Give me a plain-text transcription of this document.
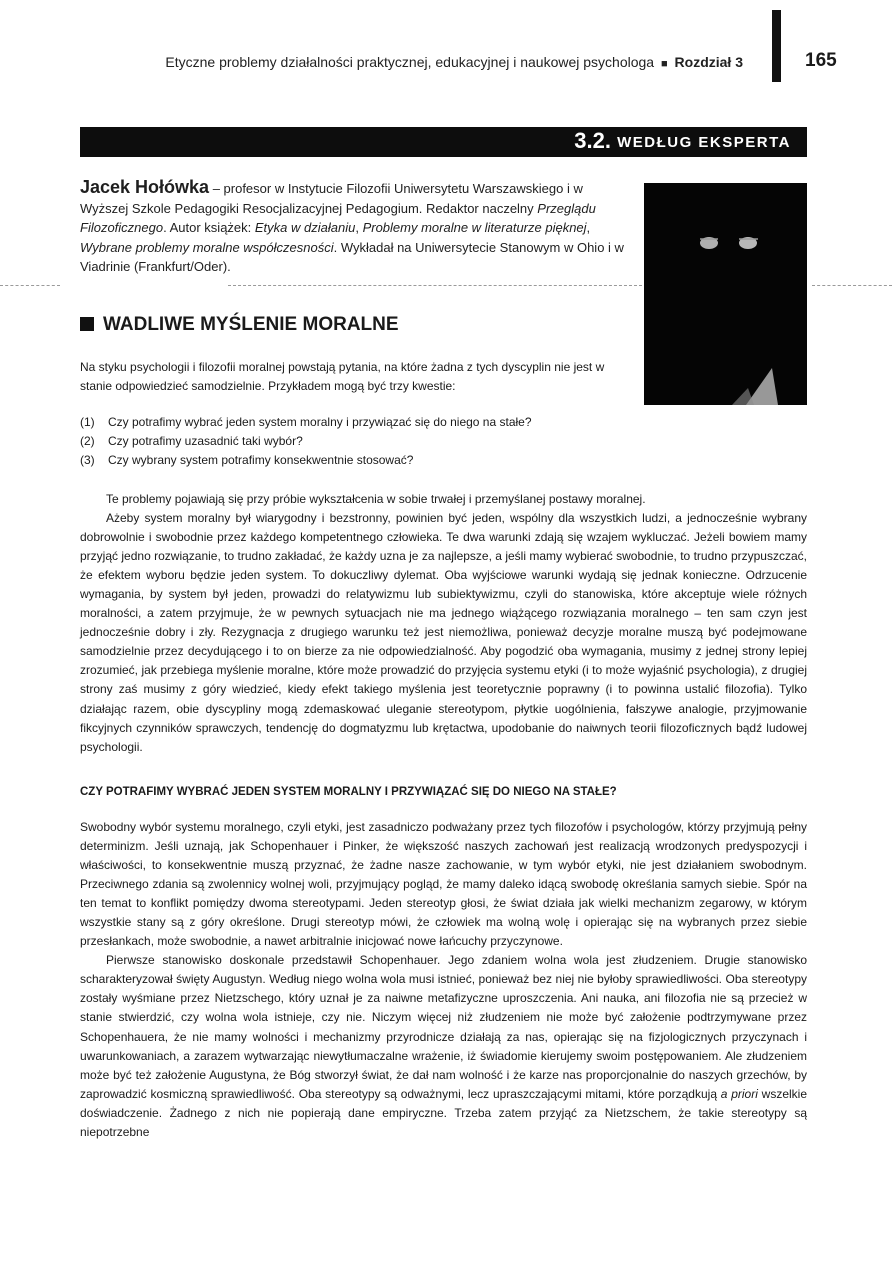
Etyczne problemy działalności praktycznej, edukacyjnej i naukowej psychologa ■ Rozdział 3	165
3.2. WEDŁUG EKSPERTA
Jacek Hołówka – profesor w Instytucie Filozofii Uniwersytetu Warszawskiego i w Wyższej Szkole Pedagogiki Resocjalizacyjnej Pedagogium. Redaktor naczelny Przeglądu Filozoficznego. Autor książek: Etyka w działaniu, Problemy moralne w literaturze pięknej, Wybrane problemy moralne współczesności. Wykładał na Uniwersytecie Stanowym w Ohio i w Viadrinie (Frankfurt/Oder).
WADLIWE MYŚLENIE MORALNE
Na styku psychologii i filozofii moralnej powstają pytania, na które żadna z tych dyscyplin nie jest w stanie odpowiedzieć samodzielnie. Przykładem mogą być trzy kwestie:
(1) Czy potrafimy wybrać jeden system moralny i przywiązać się do niego na stałe?
(2) Czy potrafimy uzasadnić taki wybór?
(3) Czy wybrany system potrafimy konsekwentnie stosować?
Te problemy pojawiają się przy próbie wykształcenia w sobie trwałej i przemyślanej postawy moralnej.
Ażeby system moralny był wiarygodny i bezstronny, powinien być jeden, wspólny dla wszystkich ludzi, a jednocześnie wybrany dobrowolnie i swobodnie przez każdego kompetentnego człowieka. Te dwa warunki zdają się wzajem wykluczać. Jeżeli bowiem mamy przyjąć jedno rozwiązanie, to trudno zakładać, że każdy uzna je za najlepsze, a jeśli mamy wybierać swobodnie, to trudno przypuszczać, że efektem wyboru będzie jeden system. To dokuczliwy dylemat. Oba wyjściowe warunki wydają się jednak konieczne. Odrzucenie wymagania, by system był jeden, prowadzi do relatywizmu lub subiektywizmu, czyli do stanowiska, które akceptuje wiele różnych moralności, a zatem przyjmuje, że w pewnych sytuacjach nie ma jednego wiążącego rozwiązania moralnego – ten sam czyn jest jednocześnie dobry i zły. Rezygnacja z drugiego warunku też jest niemożliwa, ponieważ decyzje moralne muszą być podejmowane samodzielnie przez decydującego i to on bierze za nie odpowiedzialność. Aby pogodzić oba wymagania, musimy z jednej strony lepiej zrozumieć, jak przebiega myślenie moralne, które może prowadzić do przyjęcia systemu etyki (i to może wyjaśnić psychologia), z drugiej strony zaś musimy z góry wiedzieć, kiedy efekt takiego myślenia jest teoretycznie poprawny (i to powinna ustalić filozofia). Tylko działając razem, obie dyscypliny mogą zdemaskować uleganie stereotypom, płytkie uogólnienia, fałszywe analogie, przyjmowanie fikcyjnych czynników sprawczych, tendencję do dogmatyzmu lub krętactwa, upodobanie do naiwnych teorii filozoficznych bądź ludowej psychologii.
CZY POTRAFIMY WYBRAĆ JEDEN SYSTEM MORALNY I PRZYWIĄZAĆ SIĘ DO NIEGO NA STAŁE?
Swobodny wybór systemu moralnego, czyli etyki, jest zasadniczo podważany przez tych filozofów i psychologów, którzy przyjmują pełny determinizm. Jeśli uznają, jak Schopenhauer i Pinker, że większość naszych zachowań jest realizacją wrodzonych predyspozycji i właściwości, to konsekwentnie muszą przyznać, że żadne nasze zachowanie, w tym wybór etyki, nie jest działaniem swobodnym. Przeciwnego zdania są zwolennicy wolnej woli, przyjmujący pogląd, że mamy daleko idącą swobodę określania samych siebie. Spór na ten temat to konflikt pomiędzy dwoma stereotypami. Jeden stereotyp głosi, że świat działa jak wielki mechanizm zegarowy, w którym wszystkie stany są z góry określone. Drugi stereotyp mówi, że człowiek ma wolną wolę i opierając się na wybranych przez siebie przesłankach, może swobodnie, a nawet arbitralnie inicjować nowe łańcuchy przyczynowe.
Pierwsze stanowisko doskonale przedstawił Schopenhauer. Jego zdaniem wolna wola jest złudzeniem. Drugie stanowisko scharakteryzował święty Augustyn. Według niego wolna wola musi istnieć, ponieważ bez niej nie byłoby sprawiedliwości. Oba stereotypy zostały wyśmiane przez Nietzschego, który uznał je za naiwne metafizyczne uproszczenia. Ani nauka, ani filozofia nie są przecież w stanie stwierdzić, czy wolna wola istnieje, czy nie. Niczym więcej niż złudzeniem nie może być założenie podtrzymywane przez Schopenhauera, że nie mamy wolności i mechanizmy przyrodnicze działają za nas, opierając się na fizjologicznych przyczynach i uwarunkowaniach, a zarazem wytwarzając niewytłumaczalne wrażenie, iż świadomie kierujemy swoim postępowaniem. Ale złudzeniem może być też założenie Augustyna, że Bóg stworzył świat, że dał nam wolność i że karze nas proporcjonalnie do naszych grzechów, by zaprowadzić kosmiczną sprawiedliwość. Oba stereotypy są odważnymi, lecz upraszczającymi mitami, które porządkują a priori wszelkie doświadczenie. Żadnego z nich nie popierają dane empiryczne. Trzeba zatem przyjąć za Nietzschem, że takie stereotypy są niepotrzebne
